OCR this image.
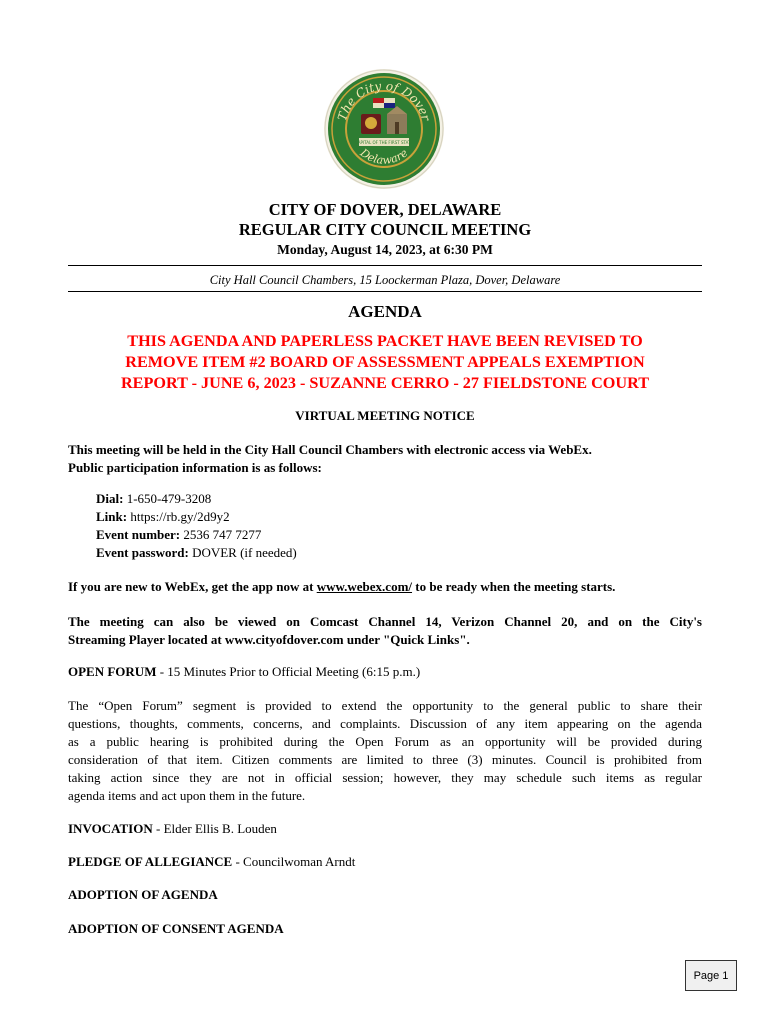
The City of Dover
Delaware
CAPITAL OF THE FIRST STATE
CITY OF DOVER, DELAWARE
REGULAR CITY COUNCIL MEETING
Monday, August 14, 2023, at 6:30 PM
City Hall Council Chambers, 15 Loockerman Plaza, Dover, Delaware
AGENDA
THIS AGENDA AND PAPERLESS PACKET HAVE BEEN REVISED TO
REMOVE ITEM #2 BOARD OF ASSESSMENT APPEALS EXEMPTION
REPORT - JUNE 6, 2023 - SUZANNE CERRO - 27 FIELDSTONE COURT
VIRTUAL MEETING NOTICE
This meeting will be held in the City Hall Council Chambers with electronic access via WebEx.
Public participation information is as follows:
Dial: 1-650-479-3208
Link: https://rb.gy/2d9y2
Event number: 2536 747 7277
Event password: DOVER (if needed)
If you are new to WebEx, get the app now at www.webex.com/ to be ready when the meeting starts.
The meeting can also be viewed on Comcast Channel 14, Verizon Channel 20, and on the City's
Streaming Player located at www.cityofdover.com under "Quick Links".
OPEN FORUM - 15 Minutes Prior to Official Meeting (6:15 p.m.)
The “Open Forum” segment is provided to extend the opportunity to the general public to share their
questions, thoughts, comments, concerns, and complaints. Discussion of any item appearing on the agenda
as a public hearing is prohibited during the Open Forum as an opportunity will be provided during
consideration of that item. Citizen comments are limited to three (3) minutes. Council is prohibited from
taking action since they are not in official session; however, they may schedule such items as regular
agenda items and act upon them in the future.
INVOCATION - Elder Ellis B. Louden
PLEDGE OF ALLEGIANCE - Councilwoman Arndt
ADOPTION OF AGENDA
ADOPTION OF CONSENT AGENDA
Page 1
